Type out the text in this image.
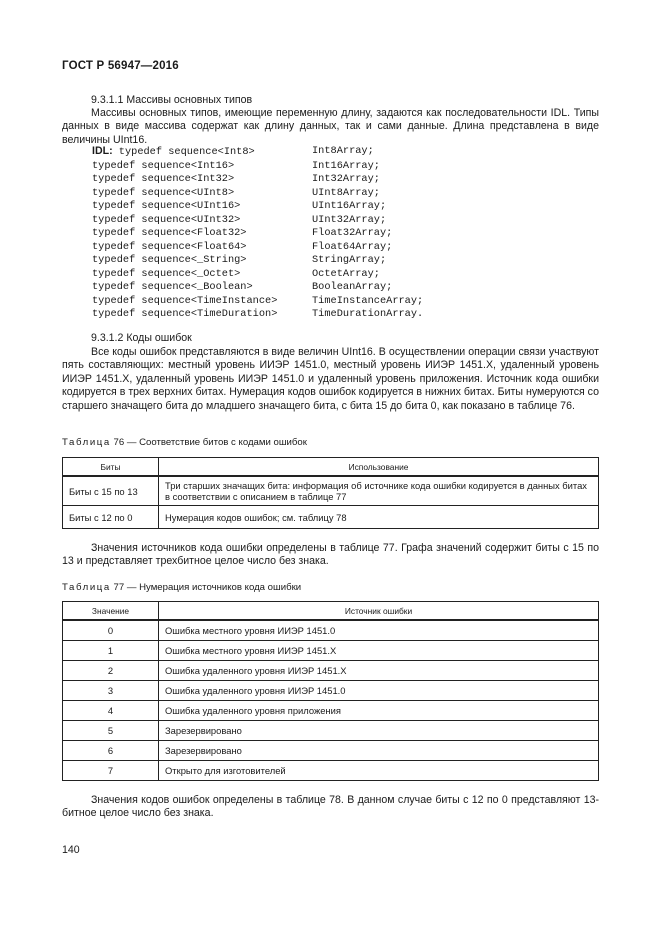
ГОСТ Р 56947—2016
9.3.1.1 Массивы основных типов
Массивы основных типов, имеющие переменную длину, задаются как последовательности IDL. Типы данных в виде массива содержат как длину данных, так и сами данные. Длина представлена в виде величины UInt16.
IDL: typedef sequence<Int8>	Int8Array;
typedef sequence<Int16>	Int16Array;
typedef sequence<Int32>	Int32Array;
typedef sequence<UInt8>	UInt8Array;
typedef sequence<UInt16>	UInt16Array;
typedef sequence<UInt32>	UInt32Array;
typedef sequence<Float32>	Float32Array;
typedef sequence<Float64>	Float64Array;
typedef sequence<_String>	StringArray;
typedef sequence<_Octet>	OctetArray;
typedef sequence<_Boolean>	BooleanArray;
typedef sequence<TimeInstance>	TimeInstanceArray;
typedef sequence<TimeDuration>	TimeDurationArray.
9.3.1.2 Коды ошибок
Все коды ошибок представляются в виде величин UInt16. В осуществлении операции связи участвуют пять составляющих: местный уровень ИИЭР 1451.0, местный уровень ИИЭР 1451.X, удаленный уровень ИИЭР 1451.X, удаленный уровень ИИЭР 1451.0 и удаленный уровень приложения. Источник кода ошибки кодируется в трех верхних битах. Нумерация кодов ошибок кодируется в нижних битах. Биты нумеруются со старшего значащего бита до младшего значащего бита, с бита 15 до бита 0, как показано в таблице 76.
Таблица 76 — Соответствие битов с кодами ошибок
Биты	Использование
Биты с 15 по 13	Три старших значащих бита: информация об источнике кода ошибки кодируется в данных битах в соответствии с описанием в таблице 77
Биты с 12 по 0	Нумерация кодов ошибок; см. таблицу 78
Значения источников кода ошибки определены в таблице 77. Графа значений содержит биты с 15 по 13 и представляет трехбитное целое число без знака.
Таблица 77 — Нумерация источников кода ошибки
Значение	Источник ошибки
0	Ошибка местного уровня ИИЭР 1451.0
1	Ошибка местного уровня ИИЭР 1451.X
2	Ошибка удаленного уровня ИИЭР 1451.X
3	Ошибка удаленного уровня ИИЭР 1451.0
4	Ошибка удаленного уровня приложения
5	Зарезервировано
6	Зарезервировано
7	Открыто для изготовителей
Значения кодов ошибок определены в таблице 78. В данном случае биты с 12 по 0 представляют 13-битное целое число без знака.
140
